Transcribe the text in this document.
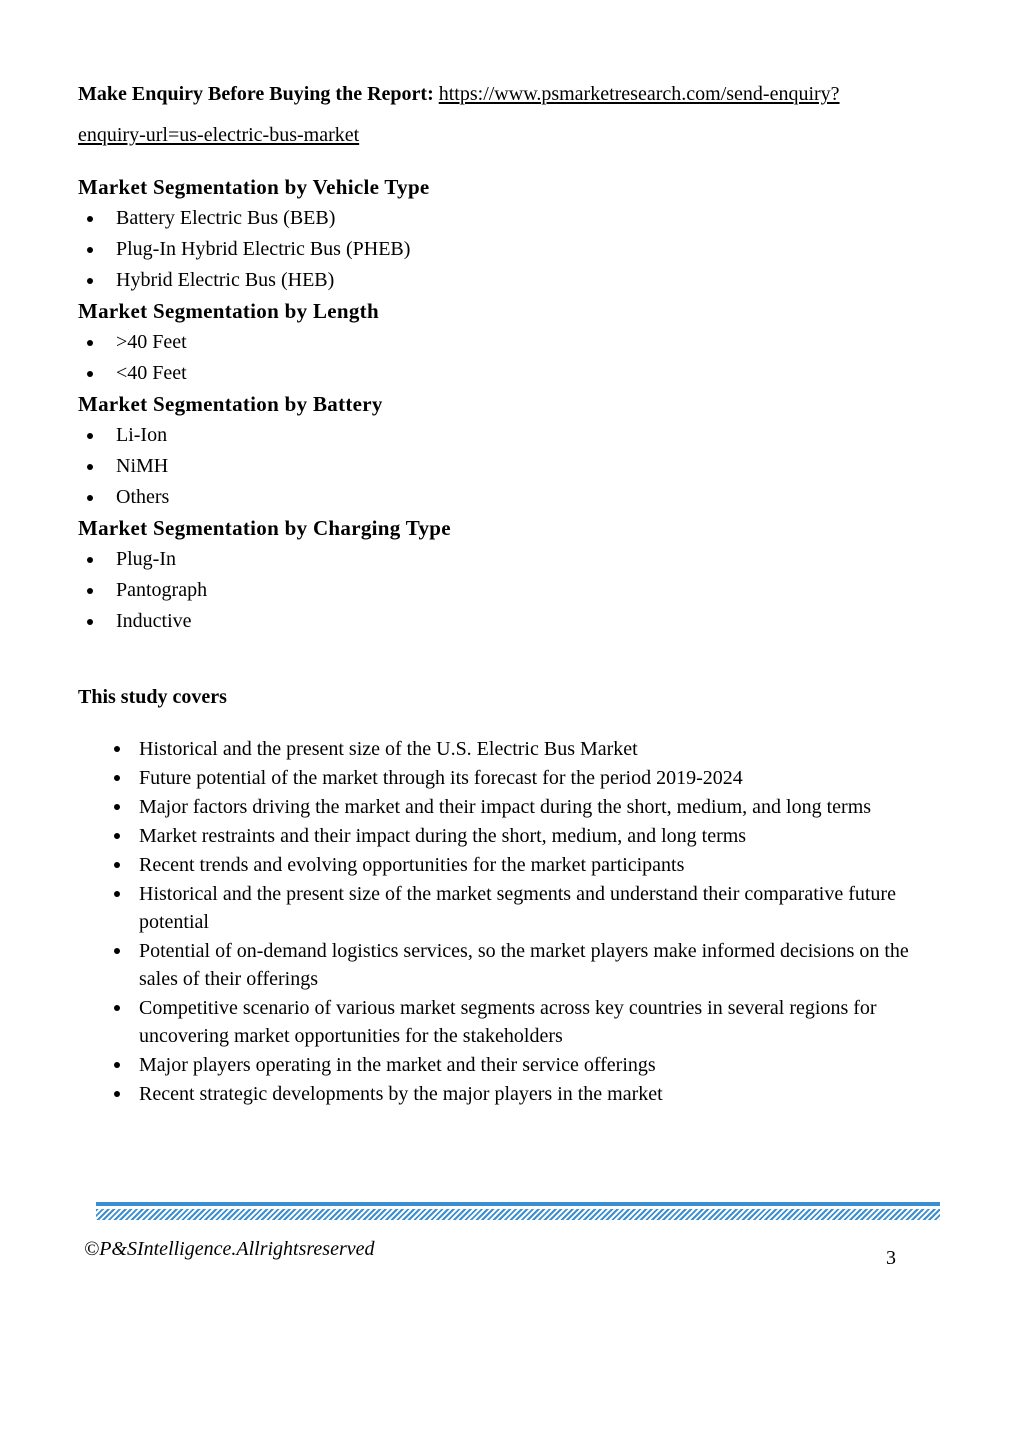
Make Enquiry Before Buying the Report: https://www.psmarketresearch.com/send-enquiry?enquiry-url=us-electric-bus-market
Market Segmentation by Vehicle Type
Battery Electric Bus (BEB)
Plug-In Hybrid Electric Bus (PHEB)
Hybrid Electric Bus (HEB)
Market Segmentation by Length
>40 Feet
<40 Feet
Market Segmentation by Battery
Li-Ion
NiMH
Others
Market Segmentation by Charging Type
Plug-In
Pantograph
Inductive
This study covers
Historical and the present size of the U.S. Electric Bus Market
Future potential of the market through its forecast for the period 2019-2024
Major factors driving the market and their impact during the short, medium, and long terms
Market restraints and their impact during the short, medium, and long terms
Recent trends and evolving opportunities for the market participants
Historical and the present size of the market segments and understand their comparative future potential
Potential of on-demand logistics services, so the market players make informed decisions on the sales of their offerings
Competitive scenario of various market segments across key countries in several regions for uncovering market opportunities for the stakeholders
Major players operating in the market and their service offerings
Recent strategic developments by the major players in the market
©P&SIntelligence.Allrightsreserved	3
